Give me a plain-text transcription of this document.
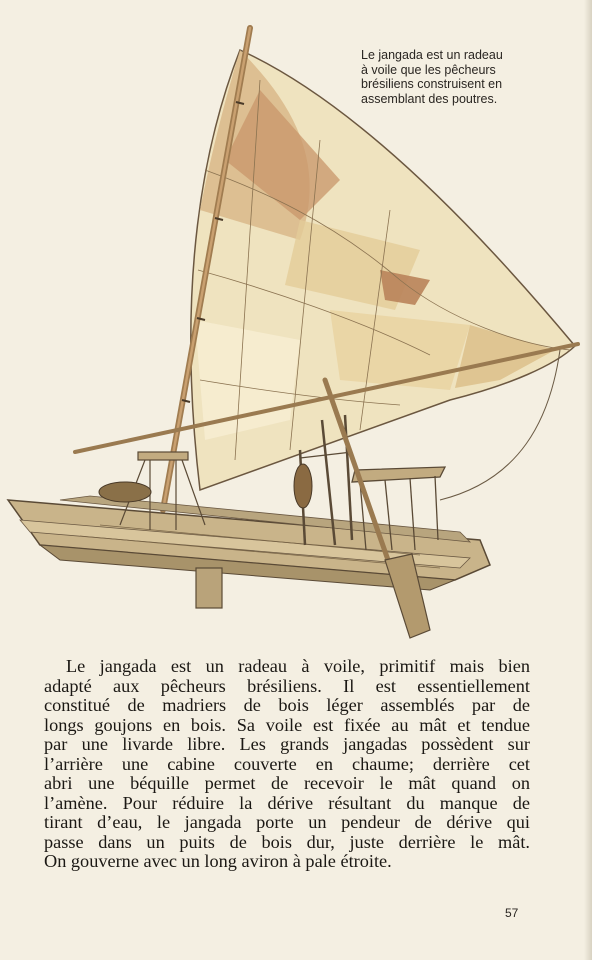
Le jangada est un radeau
à voile que les pêcheurs
brésiliens construisent en
assemblant des poutres.
Le jangada est un radeau à voile, primitif mais bien
adapté aux pêcheurs brésiliens. Il est essentiellement
constitué de madriers de bois léger assemblés par de
longs goujons en bois. Sa voile est fixée au mât et tendue
par une livarde libre. Les grands jangadas possèdent sur
l’arrière une cabine couverte en chaume; derrière cet
abri une béquille permet de recevoir le mât quand on
l’amène. Pour réduire la dérive résultant du manque de
tirant d’eau, le jangada porte un pendeur de dérive qui
passe dans un puits de bois dur, juste derrière le mât.
On gouverne avec un long aviron à pale étroite.
57
